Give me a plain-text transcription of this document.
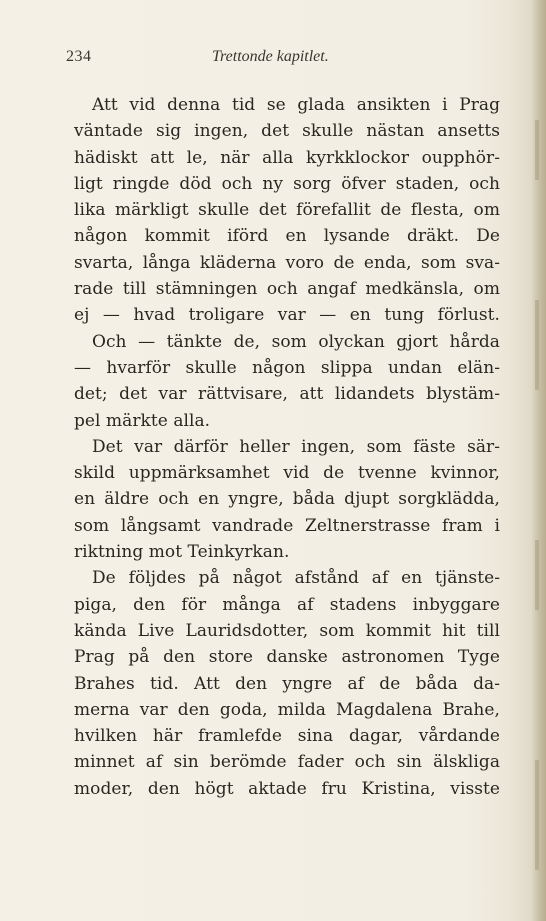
234	Trettonde kapitlet.
Att vid denna tid se glada ansikten i Prag
väntade sig ingen, det skulle nästan ansetts
hädiskt att le, när alla kyrkklockor oupphör-
ligt ringde död och ny sorg öfver staden, och
lika märkligt skulle det förefallit de flesta, om
någon kommit iförd en lysande dräkt. De
svarta, långa kläderna voro de enda, som sva-
rade till stämningen och angaf medkänsla, om
ej — hvad troligare var — en tung förlust.
Och — tänkte de, som olyckan gjort hårda
— hvarför skulle någon slippa undan elän-
det; det var rättvisare, att lidandets blystäm-
pel märkte alla.
Det var därför heller ingen, som fäste sär-
skild uppmärksamhet vid de tvenne kvinnor,
en äldre och en yngre, båda djupt sorgklädda,
som långsamt vandrade Zeltnerstrasse fram i
riktning mot Teinkyrkan.
De följdes på något afstånd af en tjänste-
piga, den för många af stadens inbyggare
kända Live Lauridsdotter, som kommit hit till
Prag på den store danske astronomen Tyge
Brahes tid. Att den yngre af de båda da-
merna var den goda, milda Magdalena Brahe,
hvilken här framlefde sina dagar, vårdande
minnet af sin berömde fader och sin älskliga
moder, den högt aktade fru Kristina, visste
